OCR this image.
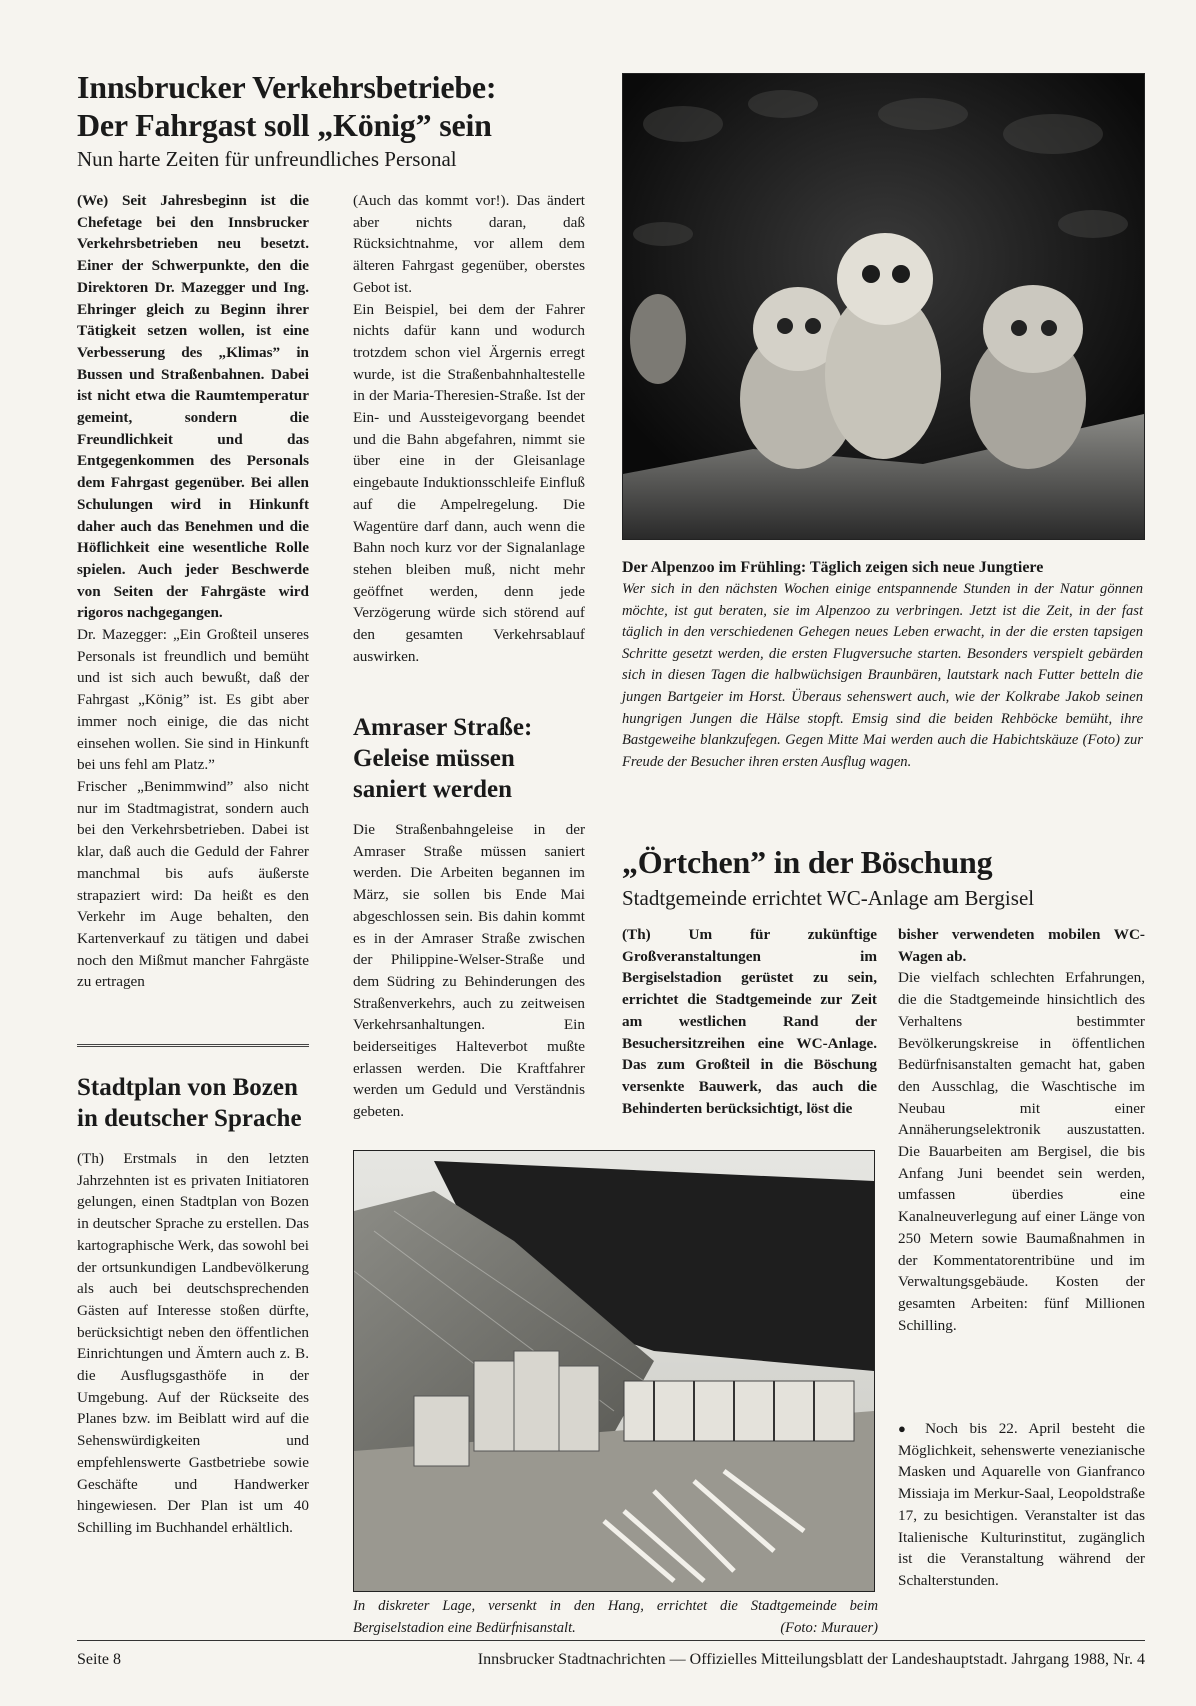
Innsbrucker Verkehrsbetriebe:
Der Fahrgast soll „König” sein

Nun harte Zeiten für unfreundliches Personal

(We) Seit Jahresbeginn ist die Chefetage bei den Innsbrucker Verkehrsbetrieben neu besetzt. Einer der Schwerpunkte, den die Direktoren Dr. Mazegger und Ing. Ehringer gleich zu Beginn ihrer Tätigkeit setzen wollen, ist eine Verbesserung des „Klimas” in Bussen und Straßenbahnen. Dabei ist nicht etwa die Raumtemperatur gemeint, sondern die Freundlichkeit und das Entgegenkommen des Personals dem Fahrgast gegenüber. Bei allen Schulungen wird in Hinkunft daher auch das Benehmen und die Höflichkeit eine wesentliche Rolle spielen. Auch jeder Beschwerde von Seiten der Fahrgäste wird rigoros nachgegangen.

Dr. Mazegger: „Ein Großteil unseres Personals ist freundlich und bemüht und ist sich auch bewußt, daß der Fahrgast „König” ist. Es gibt aber immer noch einige, die das nicht einsehen wollen. Sie sind in Hinkunft bei uns fehl am Platz.”

Frischer „Benimmwind” also nicht nur im Stadtmagistrat, sondern auch bei den Verkehrsbetrieben. Dabei ist klar, daß auch die Geduld der Fahrer manchmal bis aufs äußerste strapaziert wird: Da heißt es den Verkehr im Auge behalten, den Kartenverkauf zu tätigen und dabei noch den Mißmut mancher Fahrgäste zu ertragen

(Auch das kommt vor!). Das ändert aber nichts daran, daß Rücksichtnahme, vor allem dem älteren Fahrgast gegenüber, oberstes Gebot ist.

Ein Beispiel, bei dem der Fahrer nichts dafür kann und wodurch trotzdem schon viel Ärgernis erregt wurde, ist die Straßenbahnhaltestelle in der Maria-Theresien-Straße. Ist der Ein- und Aussteigevorgang beendet und die Bahn abgefahren, nimmt sie über eine in der Gleisanlage eingebaute Induktionsschleife Einfluß auf die Ampelregelung. Die Wagentüre darf dann, auch wenn die Bahn noch kurz vor der Signalanlage stehen bleiben muß, nicht mehr geöffnet werden, denn jede Verzögerung würde sich störend auf den gesamten Verkehrsablauf auswirken.

Amraser Straße: Geleise müssen saniert werden
Die Straßenbahngeleise in der Amraser Straße müssen saniert werden. Die Arbeiten begannen im März, sie sollen bis Ende Mai abgeschlossen sein. Bis dahin kommt es in der Amraser Straße zwischen der Philippine-Welser-Straße und dem Südring zu Behinderungen des Straßenverkehrs, auch zu zeitweisen Verkehrsanhaltungen. Ein beiderseitiges Halteverbot mußte erlassen werden. Die Kraftfahrer werden um Geduld und Verständnis gebeten.
Stadtplan von Bozen in deutscher Sprache
(Th) Erstmals in den letzten Jahrzehnten ist es privaten Initiatoren gelungen, einen Stadtplan von Bozen in deutscher Sprache zu erstellen. Das kartographische Werk, das sowohl bei der ortsunkundigen Landbevölkerung als auch bei deutschsprechenden Gästen auf Interesse stoßen dürfte, berücksichtigt neben den öffentlichen Einrichtungen und Ämtern auch z. B. die Ausflugsgasthöfe in der Umgebung. Auf der Rückseite des Planes bzw. im Beiblatt wird auf die Sehenswürdigkeiten und empfehlenswerte Gastbetriebe sowie Geschäfte und Handwerker hingewiesen. Der Plan ist um 40 Schilling im Buchhandel erhältlich.
Der Alpenzoo im Frühling: Täglich zeigen sich neue Jungtiere
Wer sich in den nächsten Wochen einige entspannende Stunden in der Natur gönnen möchte, ist gut beraten, sie im Alpenzoo zu verbringen. Jetzt ist die Zeit, in der fast täglich in den verschiedenen Gehegen neues Leben erwacht, in der die ersten tapsigen Schritte gesetzt werden, die ersten Flugversuche starten. Besonders verspielt gebärden sich in diesen Tagen die halbwüchsigen Braunbären, lautstark nach Futter betteln die jungen Bartgeier im Horst. Überaus sehenswert auch, wie der Kolkrabe Jakob seinen hungrigen Jungen die Hälse stopft. Emsig sind die beiden Rehböcke bemüht, ihre Bastgeweihe blankzufegen. Gegen Mitte Mai werden auch die Habichtskäuze (Foto) zur Freude der Besucher ihren ersten Ausflug wagen.
„Örtchen” in der Böschung

Stadtgemeinde errichtet WC-Anlage am Bergisel

(Th) Um für zukünftige Großveranstaltungen im Bergiselstadion gerüstet zu sein, errichtet die Stadtgemeinde zur Zeit am westlichen Rand der Besuchersitzreihen eine WC-Anlage. Das zum Großteil in die Böschung versenkte Bauwerk, das auch die Behinderten berücksichtigt, löst die

bisher verwendeten mobilen WC-Wagen ab.

Die vielfach schlechten Erfahrungen, die die Stadtgemeinde hinsichtlich des Verhaltens bestimmter Bevölkerungskreise in öffentlichen Bedürfnisanstalten gemacht hat, gaben den Ausschlag, die Waschtische im Neubau mit einer Annäherungselektronik auszustatten. Die Bauarbeiten am Bergisel, die bis Anfang Juni beendet sein werden, umfassen überdies eine Kanalneuverlegung auf einer Länge von 250 Metern sowie Baumaßnahmen in der Kommentatorentribüne und im Verwaltungsgebäude. Kosten der gesamten Arbeiten: fünf Millionen Schilling.

In diskreter Lage, versenkt in den Hang, errichtet die Stadtgemeinde beim Bergiselstadion eine Bedürfnisanstalt.	(Foto: Murauer)
● Noch bis 22. April besteht die Möglichkeit, sehenswerte venezianische Masken und Aquarelle von Gianfranco Missiaja im Merkur-Saal, Leopoldstraße 17, zu besichtigen. Veranstalter ist das Italienische Kulturinstitut, zugänglich ist die Veranstaltung während der Schalterstunden.
Seite 8	Innsbrucker Stadtnachrichten — Offizielles Mitteilungsblatt der Landeshauptstadt. Jahrgang 1988, Nr. 4
